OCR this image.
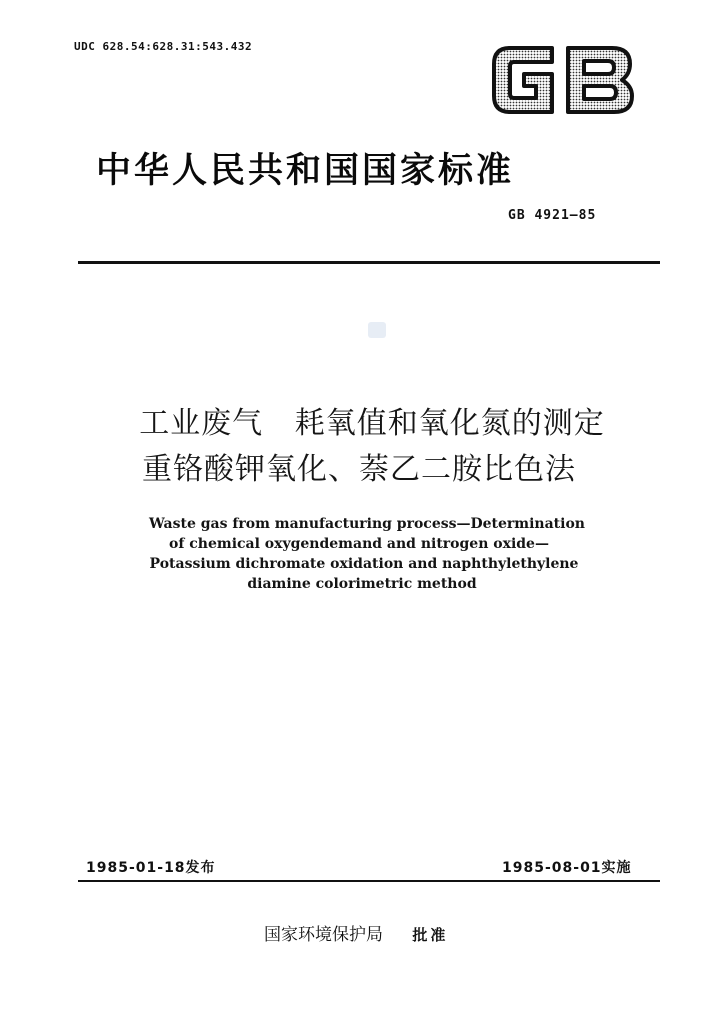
UDC 628.54:628.31:543.432
中华人民共和国国家标准
GB 4921—85
工业废气   耗氧值和氧化氮的测定
重铬酸钾氧化、萘乙二胺比色法
Waste gas from manufacturing process—Determination
of chemical oxygendemand and nitrogen oxide—
Potassium dichromate oxidation and naphthylethylene
diamine colorimetric method
1985-01-18发布	1985-08-01实施
国家环境保护局 批准
